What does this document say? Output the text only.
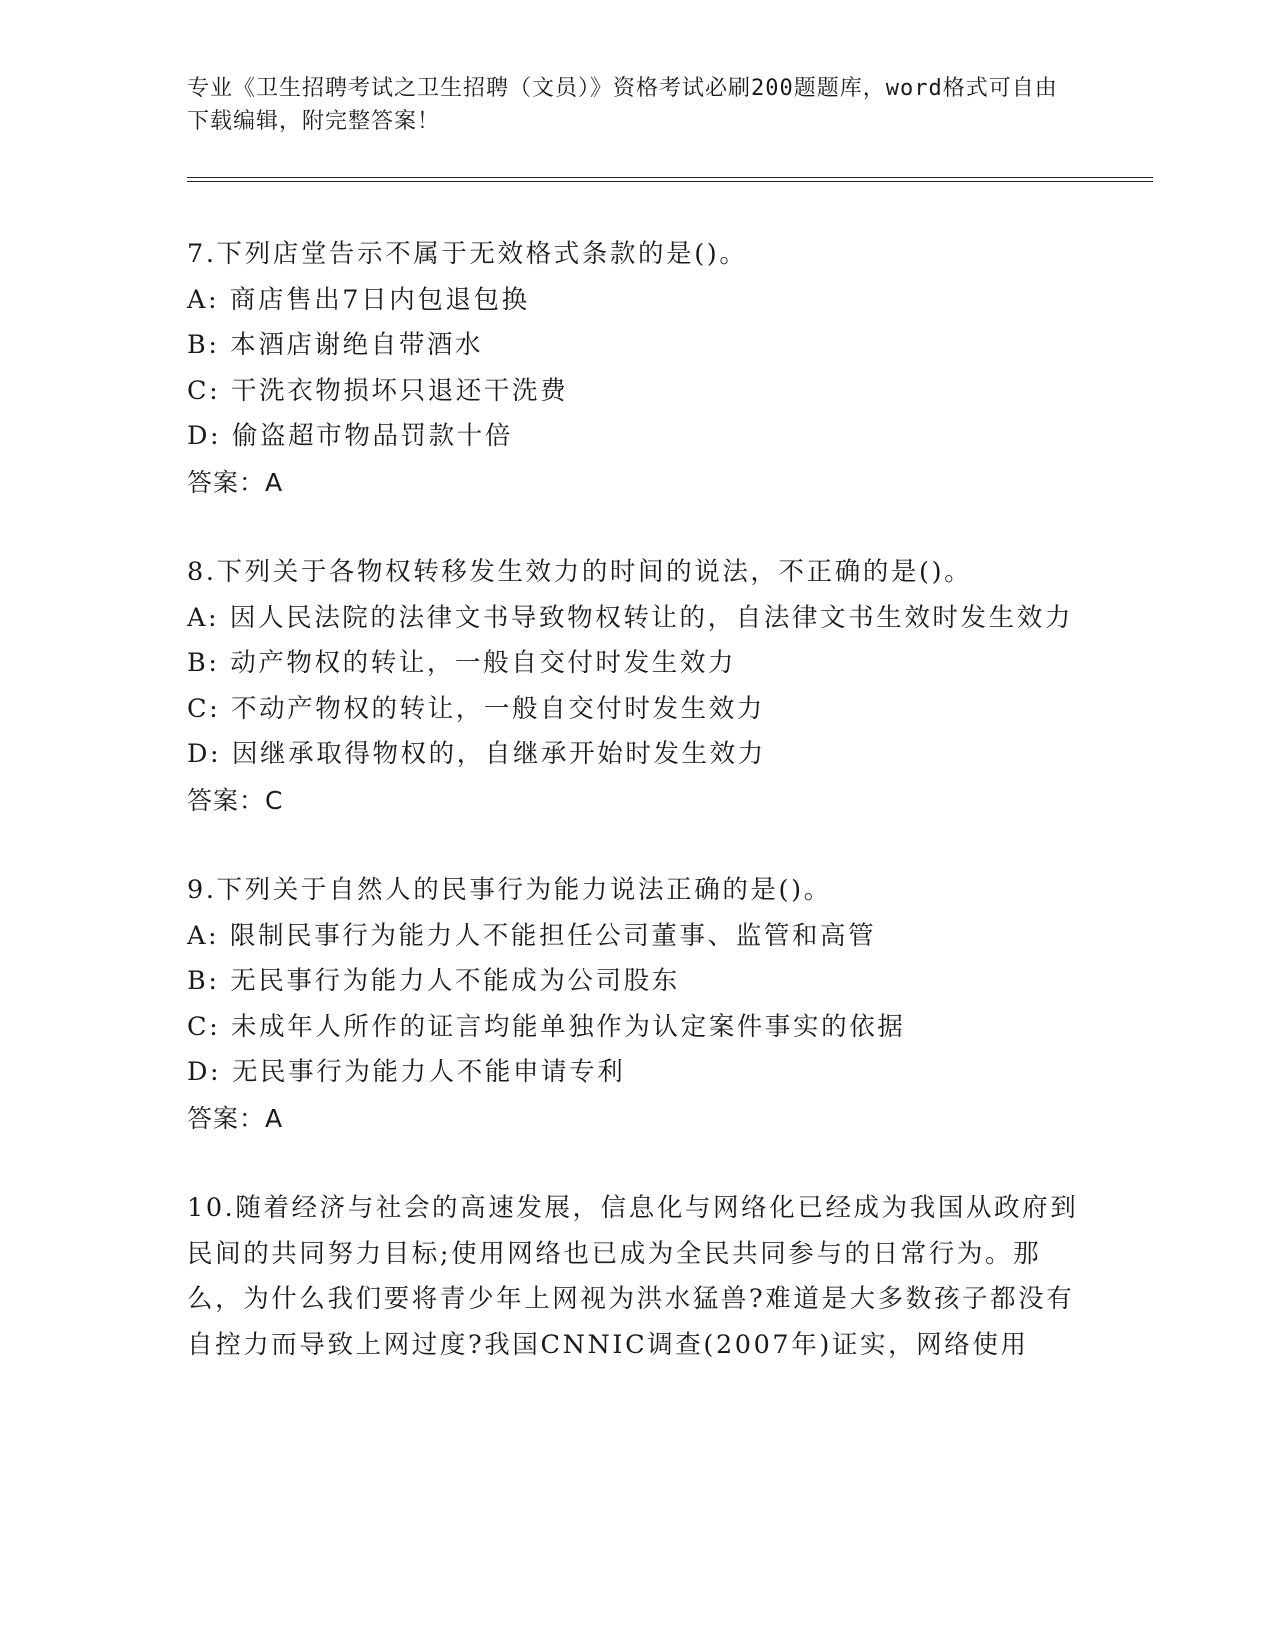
专业《卫生招聘考试之卫生招聘（文员）》资格考试必刷200题题库，word格式可自由下载编辑，附完整答案！
7.下列店堂告示不属于无效格式条款的是()。
A: 商店售出7日内包退包换
B: 本酒店谢绝自带酒水
C: 干洗衣物损坏只退还干洗费
D: 偷盗超市物品罚款十倍
答案：A
8.下列关于各物权转移发生效力的时间的说法，不正确的是()。
A: 因人民法院的法律文书导致物权转让的，自法律文书生效时发生效力
B: 动产物权的转让，一般自交付时发生效力
C: 不动产物权的转让，一般自交付时发生效力
D: 因继承取得物权的，自继承开始时发生效力
答案：C
9.下列关于自然人的民事行为能力说法正确的是()。
A: 限制民事行为能力人不能担任公司董事、监管和高管
B: 无民事行为能力人不能成为公司股东
C: 未成年人所作的证言均能单独作为认定案件事实的依据
D: 无民事行为能力人不能申请专利
答案：A
10.随着经济与社会的高速发展，信息化与网络化已经成为我国从政府到民间的共同努力目标;使用网络也已成为全民共同参与的日常行为。那么，为什么我们要将青少年上网视为洪水猛兽?难道是大多数孩子都没有自控力而导致上网过度?我国CNNIC调查(2007年)证实，网络使用
